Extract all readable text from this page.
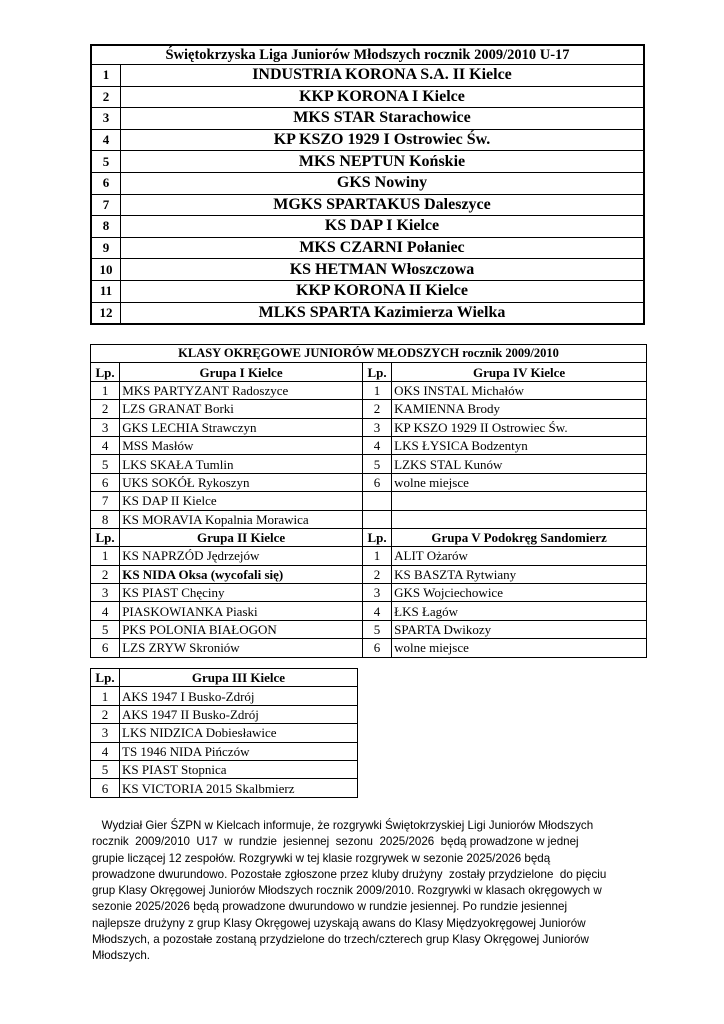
Świętokrzyska Liga Juniorów Młodszych rocznik 2009/2010 U-17	
1	INDUSTRIA KORONA S.A. II Kielce
2	KKP KORONA I Kielce
3	MKS STAR Starachowice
4	KP KSZO 1929 I Ostrowiec Św.
5	MKS NEPTUN Końskie
6	GKS Nowiny
7	MGKS SPARTAKUS Daleszyce
8	KS DAP I Kielce
9	MKS CZARNI Połaniec
10	KS HETMAN Włoszczowa
11	KKP KORONA II Kielce
12	MLKS SPARTA Kazimierza Wielka
KLASY OKRĘGOWE JUNIORÓW MŁODSZYCH rocznik 2009/2010			
Lp.	Grupa I Kielce	Lp.	Grupa IV Kielce
1	MKS PARTYZANT Radoszyce	1	OKS INSTAL Michałów
2	LZS GRANAT Borki	2	KAMIENNA Brody
3	GKS LECHIA Strawczyn	3	KP KSZO 1929 II Ostrowiec Św.
4	MSS Masłów	4	LKS ŁYSICA Bodzentyn
5	LKS SKAŁA Tumlin	5	LZKS STAL Kunów
6	UKS SOKÓŁ Rykoszyn	6	wolne miejsce
7	KS DAP II Kielce		
8	KS MORAVIA Kopalnia Morawica		
Lp.	Grupa II Kielce	Lp.	Grupa V Podokręg Sandomierz
1	KS NAPRZÓD Jędrzejów	1	ALIT Ożarów
2	KS NIDA Oksa (wycofali się)	2	KS BASZTA Rytwiany
3	KS PIAST Chęciny	3	GKS Wojciechowice
4	PIASKOWIANKA Piaski	4	ŁKS Łagów
5	PKS POLONIA BIAŁOGON	5	SPARTA Dwikozy
6	LZS ZRYW Skroniów	6	wolne miejsce
Lp.	Grupa III Kielce
1	AKS 1947 I Busko-Zdrój
2	AKS 1947 II Busko-Zdrój
3	LKS NIDZICA Dobiesławice
4	TS 1946 NIDA Pińczów
5	KS PIAST Stopnica
6	KS VICTORIA 2015 Skalbmierz

Wydział Gier ŚZPN w Kielcach informuje, że rozgrywki Świętokrzyskiej Ligi Juniorów Młodszych

rocznik  2009/2010  U17  w  rundzie  jesiennej  sezonu  2025/2026  będą prowadzone w jednej

grupie liczącej 12 zespołów. Rozgrywki w tej klasie rozgrywek w sezonie 2025/2026 będą

prowadzone dwurundowo. Pozostałe zgłoszone przez kluby drużyny  zostały przydzielone  do pięciu

grup Klasy Okręgowej Juniorów Młodszych rocznik 2009/2010. Rozgrywki w klasach okręgowych w

sezonie 2025/2026 będą prowadzone dwurundowo w rundzie jesiennej. Po rundzie jesiennej

najlepsze drużyny z grup Klasy Okręgowej uzyskają awans do Klasy Międzyokręgowej Juniorów

Młodszych, a pozostałe zostaną przydzielone do trzech/czterech grup Klasy Okręgowej Juniorów

Młodszych.
